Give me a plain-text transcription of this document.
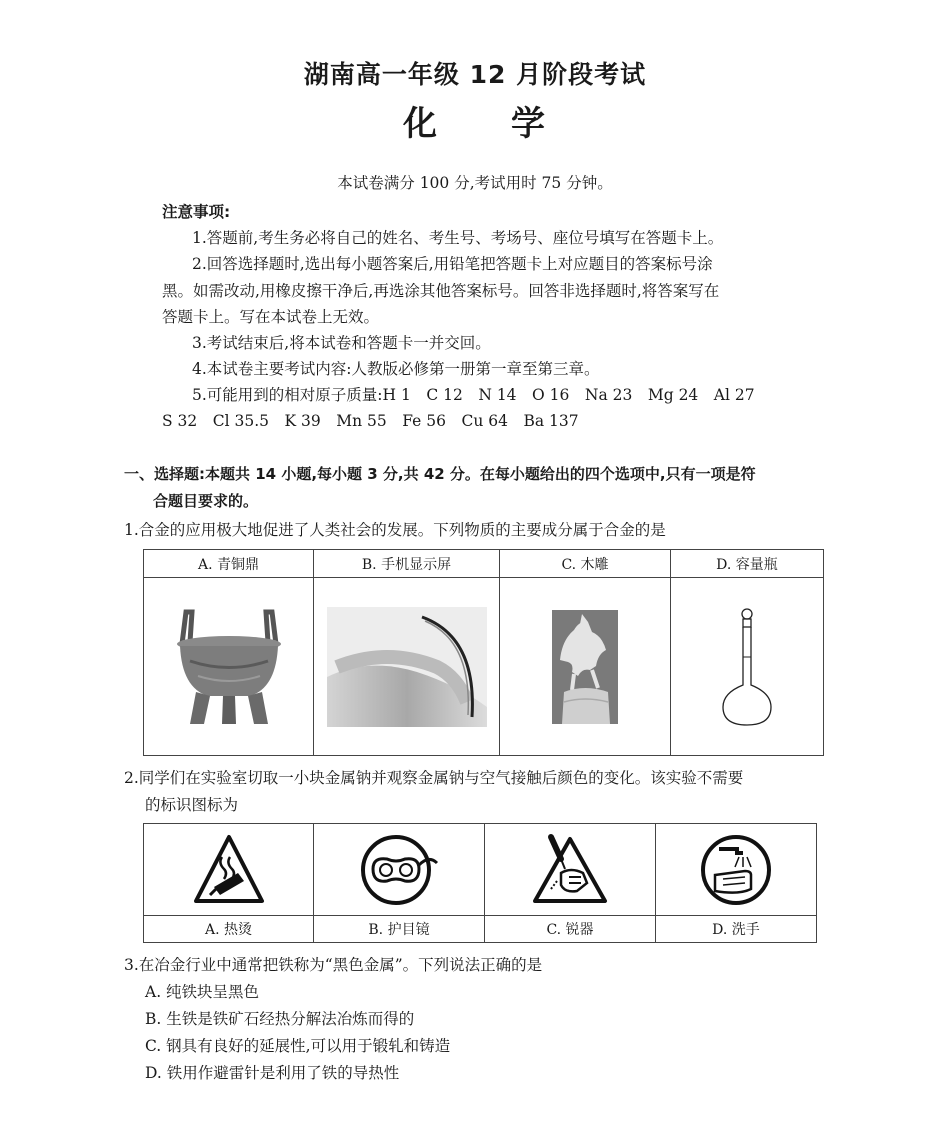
湖南高一年级 12 月阶段考试
化 学
本试卷满分 100 分,考试用时 75 分钟。
注意事项:
1.答题前,考生务必将自己的姓名、考生号、考场号、座位号填写在答题卡上。
2.回答选择题时,选出每小题答案后,用铅笔把答题卡上对应题目的答案标号涂
黑。如需改动,用橡皮擦干净后,再选涂其他答案标号。回答非选择题时,将答案写在
答题卡上。写在本试卷上无效。
3.考试结束后,将本试卷和答题卡一并交回。
4.本试卷主要考试内容:人教版必修第一册第一章至第三章。
5.可能用到的相对原子质量:H 1　C 12　N 14　O 16　Na 23　Mg 24　Al 27
S 32　Cl 35.5　K 39　Mn 55　Fe 56　Cu 64　Ba 137
一、选择题:本题共 14 小题,每小题 3 分,共 42 分。在每小题给出的四个选项中,只有一项是符
合题目要求的。
1.合金的应用极大地促进了人类社会的发展。下列物质的主要成分属于合金的是
A. 青铜鼎	B. 手机显示屏	C. 木雕	D. 容量瓶

2.同学们在实验室切取一小块金属钠并观察金属钠与空气接触后颜色的变化。该实验不需要
的标识图标为

A. 热烫	B. 护目镜	C. 锐器	D. 洗手
3.在冶金行业中通常把铁称为“黑色金属”。下列说法正确的是
A. 纯铁块呈黑色
B. 生铁是铁矿石经热分解法冶炼而得的
C. 钢具有良好的延展性,可以用于锻轧和铸造
D. 铁用作避雷针是利用了铁的导热性
